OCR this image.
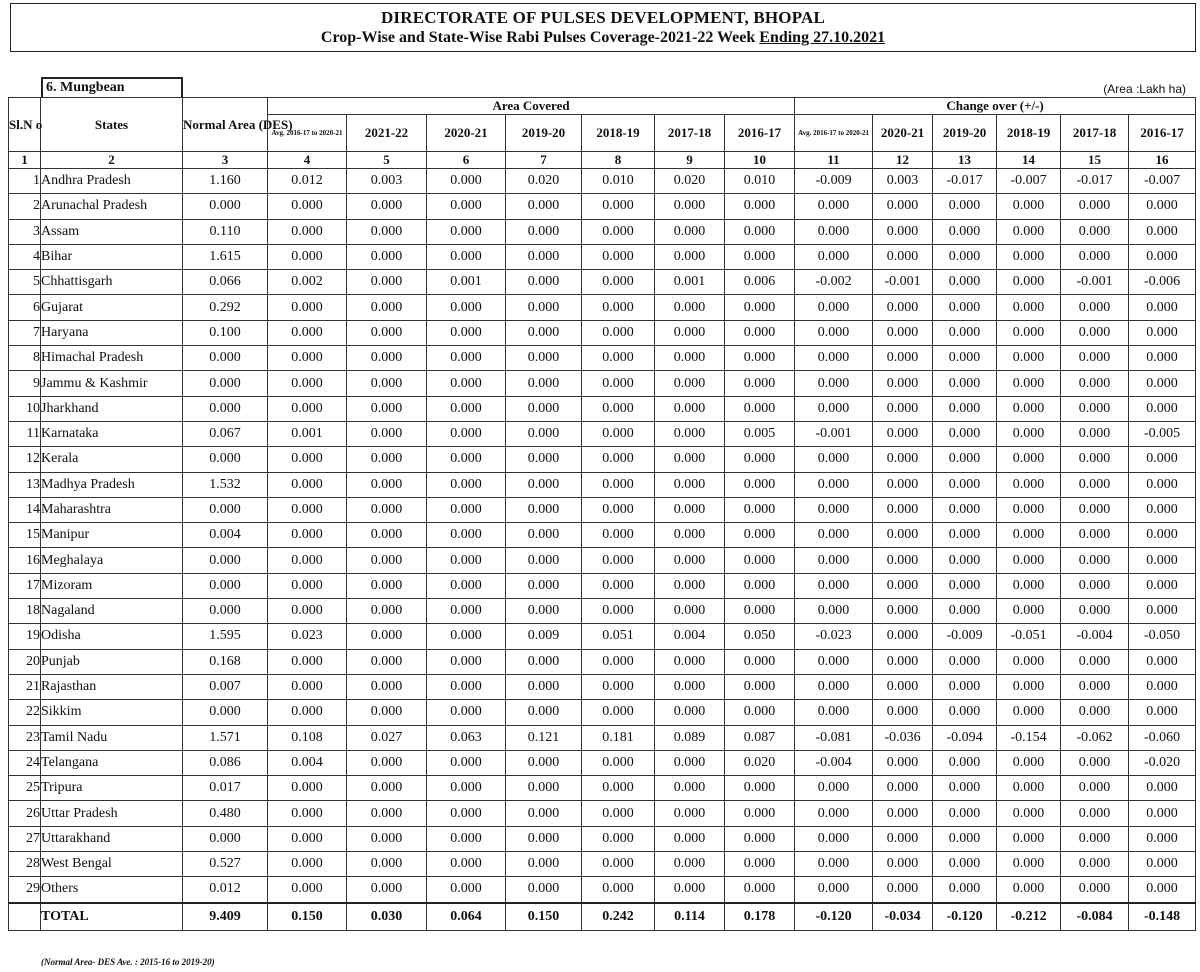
DIRECTORATE OF PULSES DEVELOPMENT, BHOPAL
Crop-Wise and State-Wise Rabi Pulses Coverage-2021-22 Week Ending 27.10.2021
6. Mungbean	(Area :Lakh ha)
Sl.N o	States	Normal Area (DES)	Area Covered							Change over (+/-)					
			Avg. 2016-17 to 2020-21	2021-22	2020-21	2019-20	2018-19	2017-18	2016-17	Avg. 2016-17 to 2020-21	2020-21	2019-20	2018-19	2017-18	2016-17
1	2	3	4	5	6	7	8	9	10	11	12	13	14	15	16
1	Andhra Pradesh	1.160	0.012	0.003	0.000	0.020	0.010	0.020	0.010	-0.009	0.003	-0.017	-0.007	-0.017	-0.007
2	Arunachal Pradesh	0.000	0.000	0.000	0.000	0.000	0.000	0.000	0.000	0.000	0.000	0.000	0.000	0.000	0.000
3	Assam	0.110	0.000	0.000	0.000	0.000	0.000	0.000	0.000	0.000	0.000	0.000	0.000	0.000	0.000
4	Bihar	1.615	0.000	0.000	0.000	0.000	0.000	0.000	0.000	0.000	0.000	0.000	0.000	0.000	0.000
5	Chhattisgarh	0.066	0.002	0.000	0.001	0.000	0.000	0.001	0.006	-0.002	-0.001	0.000	0.000	-0.001	-0.006
6	Gujarat	0.292	0.000	0.000	0.000	0.000	0.000	0.000	0.000	0.000	0.000	0.000	0.000	0.000	0.000
7	Haryana	0.100	0.000	0.000	0.000	0.000	0.000	0.000	0.000	0.000	0.000	0.000	0.000	0.000	0.000
8	Himachal Pradesh	0.000	0.000	0.000	0.000	0.000	0.000	0.000	0.000	0.000	0.000	0.000	0.000	0.000	0.000
9	Jammu & Kashmir	0.000	0.000	0.000	0.000	0.000	0.000	0.000	0.000	0.000	0.000	0.000	0.000	0.000	0.000
10	Jharkhand	0.000	0.000	0.000	0.000	0.000	0.000	0.000	0.000	0.000	0.000	0.000	0.000	0.000	0.000
11	Karnataka	0.067	0.001	0.000	0.000	0.000	0.000	0.000	0.005	-0.001	0.000	0.000	0.000	0.000	-0.005
12	Kerala	0.000	0.000	0.000	0.000	0.000	0.000	0.000	0.000	0.000	0.000	0.000	0.000	0.000	0.000
13	Madhya Pradesh	1.532	0.000	0.000	0.000	0.000	0.000	0.000	0.000	0.000	0.000	0.000	0.000	0.000	0.000
14	Maharashtra	0.000	0.000	0.000	0.000	0.000	0.000	0.000	0.000	0.000	0.000	0.000	0.000	0.000	0.000
15	Manipur	0.004	0.000	0.000	0.000	0.000	0.000	0.000	0.000	0.000	0.000	0.000	0.000	0.000	0.000
16	Meghalaya	0.000	0.000	0.000	0.000	0.000	0.000	0.000	0.000	0.000	0.000	0.000	0.000	0.000	0.000
17	Mizoram	0.000	0.000	0.000	0.000	0.000	0.000	0.000	0.000	0.000	0.000	0.000	0.000	0.000	0.000
18	Nagaland	0.000	0.000	0.000	0.000	0.000	0.000	0.000	0.000	0.000	0.000	0.000	0.000	0.000	0.000
19	Odisha	1.595	0.023	0.000	0.000	0.009	0.051	0.004	0.050	-0.023	0.000	-0.009	-0.051	-0.004	-0.050
20	Punjab	0.168	0.000	0.000	0.000	0.000	0.000	0.000	0.000	0.000	0.000	0.000	0.000	0.000	0.000
21	Rajasthan	0.007	0.000	0.000	0.000	0.000	0.000	0.000	0.000	0.000	0.000	0.000	0.000	0.000	0.000
22	Sikkim	0.000	0.000	0.000	0.000	0.000	0.000	0.000	0.000	0.000	0.000	0.000	0.000	0.000	0.000
23	Tamil Nadu	1.571	0.108	0.027	0.063	0.121	0.181	0.089	0.087	-0.081	-0.036	-0.094	-0.154	-0.062	-0.060
24	Telangana	0.086	0.004	0.000	0.000	0.000	0.000	0.000	0.020	-0.004	0.000	0.000	0.000	0.000	-0.020
25	Tripura	0.017	0.000	0.000	0.000	0.000	0.000	0.000	0.000	0.000	0.000	0.000	0.000	0.000	0.000
26	Uttar Pradesh	0.480	0.000	0.000	0.000	0.000	0.000	0.000	0.000	0.000	0.000	0.000	0.000	0.000	0.000
27	Uttarakhand	0.000	0.000	0.000	0.000	0.000	0.000	0.000	0.000	0.000	0.000	0.000	0.000	0.000	0.000
28	West Bengal	0.527	0.000	0.000	0.000	0.000	0.000	0.000	0.000	0.000	0.000	0.000	0.000	0.000	0.000
29	Others	0.012	0.000	0.000	0.000	0.000	0.000	0.000	0.000	0.000	0.000	0.000	0.000	0.000	0.000
	TOTAL	9.409	0.150	0.030	0.064	0.150	0.242	0.114	0.178	-0.120	-0.034	-0.120	-0.212	-0.084	-0.148
(Normal Area- DES Ave. : 2015-16 to 2019-20)
